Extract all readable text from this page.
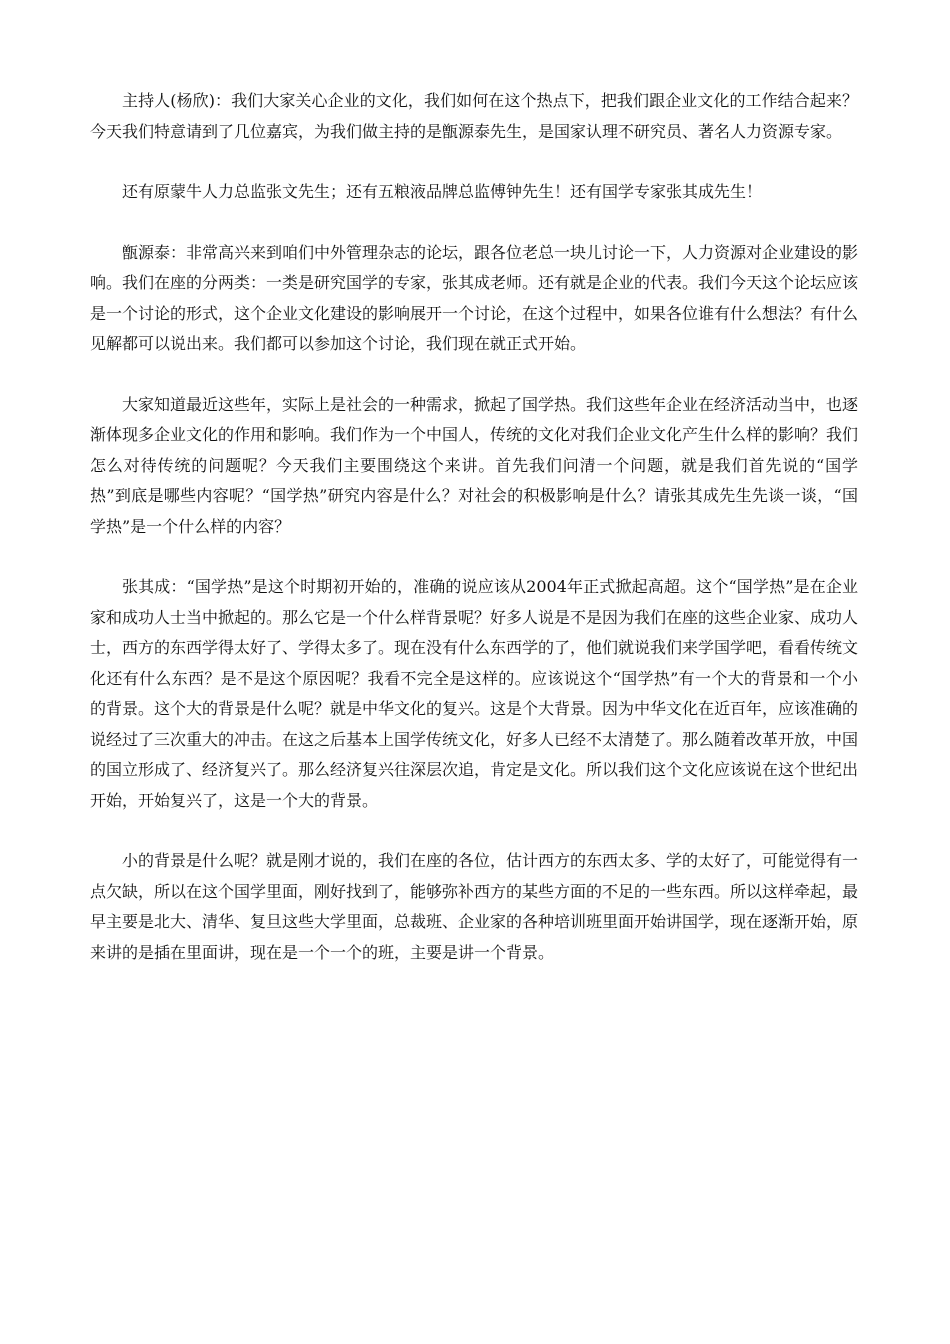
主持人(杨欣)：我们大家关心企业的文化，我们如何在这个热点下，把我们跟企业文化的工作结合起来？今天我们特意请到了几位嘉宾，为我们做主持的是甑源泰先生，是国家认理不研究员、著名人力资源专家。

还有原蒙牛人力总监张文先生；还有五粮液品牌总监傅钟先生！还有国学专家张其成先生！

甑源泰：非常高兴来到咱们中外管理杂志的论坛，跟各位老总一块儿讨论一下，人力资源对企业建设的影响。我们在座的分两类：一类是研究国学的专家，张其成老师。还有就是企业的代表。我们今天这个论坛应该是一个讨论的形式，这个企业文化建设的影响展开一个讨论，在这个过程中，如果各位谁有什么想法？有什么见解都可以说出来。我们都可以参加这个讨论，我们现在就正式开始。

大家知道最近这些年，实际上是社会的一种需求，掀起了国学热。我们这些年企业在经济活动当中，也逐渐体现多企业文化的作用和影响。我们作为一个中国人，传统的文化对我们企业文化产生什么样的影响？我们怎么对待传统的问题呢？今天我们主要围绕这个来讲。首先我们问清一个问题，就是我们首先说的“国学热”到底是哪些内容呢？“国学热”研究内容是什么？对社会的积极影响是什么？请张其成先生先谈一谈，“国学热”是一个什么样的内容？

张其成：“国学热”是这个时期初开始的，准确的说应该从2004年正式掀起高超。这个“国学热”是在企业家和成功人士当中掀起的。那么它是一个什么样背景呢？好多人说是不是因为我们在座的这些企业家、成功人士，西方的东西学得太好了、学得太多了。现在没有什么东西学的了，他们就说我们来学国学吧，看看传统文化还有什么东西？是不是这个原因呢？我看不完全是这样的。应该说这个“国学热”有一个大的背景和一个小的背景。这个大的背景是什么呢？就是中华文化的复兴。这是个大背景。因为中华文化在近百年，应该准确的说经过了三次重大的冲击。在这之后基本上国学传统文化，好多人已经不太清楚了。那么随着改革开放，中国的国立形成了、经济复兴了。那么经济复兴往深层次追，肯定是文化。所以我们这个文化应该说在这个世纪出开始，开始复兴了，这是一个大的背景。

小的背景是什么呢？就是刚才说的，我们在座的各位，估计西方的东西太多、学的太好了，可能觉得有一点欠缺，所以在这个国学里面，刚好找到了，能够弥补西方的某些方面的不足的一些东西。所以这样牵起，最早主要是北大、清华、复旦这些大学里面，总裁班、企业家的各种培训班里面开始讲国学，现在逐渐开始，原来讲的是插在里面讲，现在是一个一个的班，主要是讲一个背景。
